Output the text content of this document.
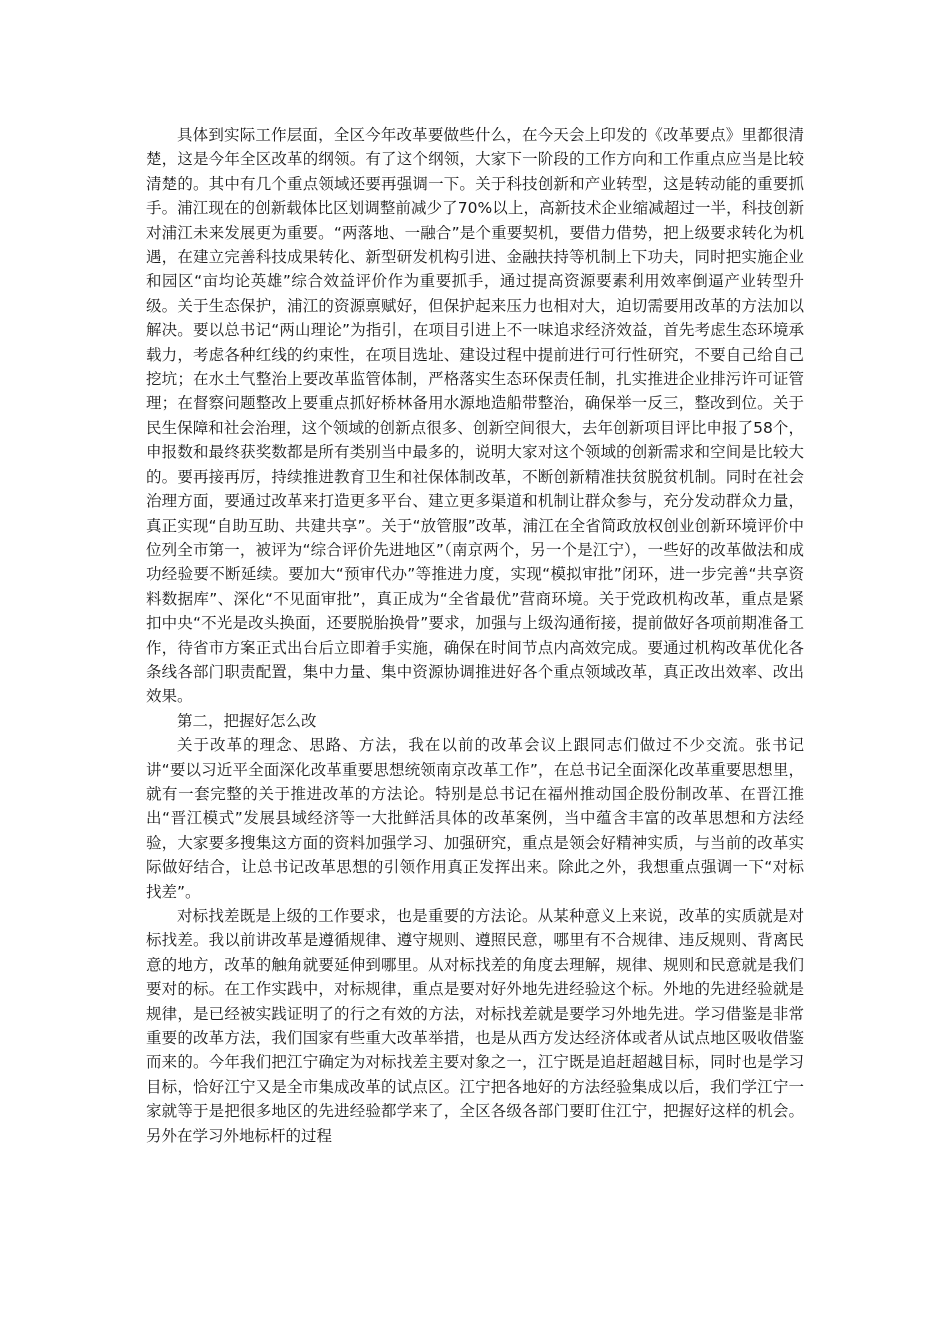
具体到实际工作层面，全区今年改革要做些什么，在今天会上印发的《改革要点》里都很清楚，这是今年全区改革的纲领。有了这个纲领，大家下一阶段的工作方向和工作重点应当是比较清楚的。其中有几个重点领域还要再强调一下。关于科技创新和产业转型，这是转动能的重要抓手。浦江现在的创新载体比区划调整前减少了70%以上，高新技术企业缩减超过一半，科技创新对浦江未来发展更为重要。“两落地、一融合”是个重要契机，要借力借势，把上级要求转化为机遇，在建立完善科技成果转化、新型研发机构引进、金融扶持等机制上下功夫，同时把实施企业和园区“亩均论英雄”综合效益评价作为重要抓手，通过提高资源要素利用效率倒逼产业转型升级。关于生态保护，浦江的资源禀赋好，但保护起来压力也相对大，迫切需要用改革的方法加以解决。要以总书记“两山理论”为指引，在项目引进上不一味追求经济效益，首先考虑生态环境承载力，考虑各种红线的约束性，在项目选址、建设过程中提前进行可行性研究，不要自己给自己挖坑；在水土气整治上要改革监管体制，严格落实生态环保责任制，扎实推进企业排污许可证管理；在督察问题整改上要重点抓好桥林备用水源地造船带整治，确保举一反三，整改到位。关于民生保障和社会治理，这个领域的创新点很多、创新空间很大，去年创新项目评比申报了58个，申报数和最终获奖数都是所有类别当中最多的，说明大家对这个领域的创新需求和空间是比较大的。要再接再厉，持续推进教育卫生和社保体制改革，不断创新精准扶贫脱贫机制。同时在社会治理方面，要通过改革来打造更多平台、建立更多渠道和机制让群众参与，充分发动群众力量，真正实现“自助互助、共建共享”。关于“放管服”改革，浦江在全省简政放权创业创新环境评价中位列全市第一，被评为“综合评价先进地区”（南京两个，另一个是江宁），一些好的改革做法和成功经验要不断延续。要加大“预审代办”等推进力度，实现“模拟审批”闭环，进一步完善“共享资料数据库”、深化“不见面审批”，真正成为“全省最优”营商环境。关于党政机构改革，重点是紧扣中央“不光是改头换面，还要脱胎换骨”要求，加强与上级沟通衔接，提前做好各项前期准备工作，待省市方案正式出台后立即着手实施，确保在时间节点内高效完成。要通过机构改革优化各条线各部门职责配置，集中力量、集中资源协调推进好各个重点领域改革，真正改出效率、改出效果。

第二，把握好怎么改

关于改革的理念、思路、方法，我在以前的改革会议上跟同志们做过不少交流。张书记讲“要以习近平全面深化改革重要思想统领南京改革工作”，在总书记全面深化改革重要思想里，就有一套完整的关于推进改革的方法论。特别是总书记在福州推动国企股份制改革、在晋江推出“晋江模式”发展县域经济等一大批鲜活具体的改革案例，当中蕴含丰富的改革思想和方法经验，大家要多搜集这方面的资料加强学习、加强研究，重点是领会好精神实质，与当前的改革实际做好结合，让总书记改革思想的引领作用真正发挥出来。除此之外，我想重点强调一下“对标找差”。

对标找差既是上级的工作要求，也是重要的方法论。从某种意义上来说，改革的实质就是对标找差。我以前讲改革是遵循规律、遵守规则、遵照民意，哪里有不合规律、违反规则、背离民意的地方，改革的触角就要延伸到哪里。从对标找差的角度去理解，规律、规则和民意就是我们要对的标。在工作实践中，对标规律，重点是要对好外地先进经验这个标。外地的先进经验就是规律，是已经被实践证明了的行之有效的方法，对标找差就是要学习外地先进。学习借鉴是非常重要的改革方法，我们国家有些重大改革举措，也是从西方发达经济体或者从试点地区吸收借鉴而来的。今年我们把江宁确定为对标找差主要对象之一，江宁既是追赶超越目标，同时也是学习目标，恰好江宁又是全市集成改革的试点区。江宁把各地好的方法经验集成以后，我们学江宁一家就等于是把很多地区的先进经验都学来了，全区各级各部门要盯住江宁，把握好这样的机会。另外在学习外地标杆的过程
